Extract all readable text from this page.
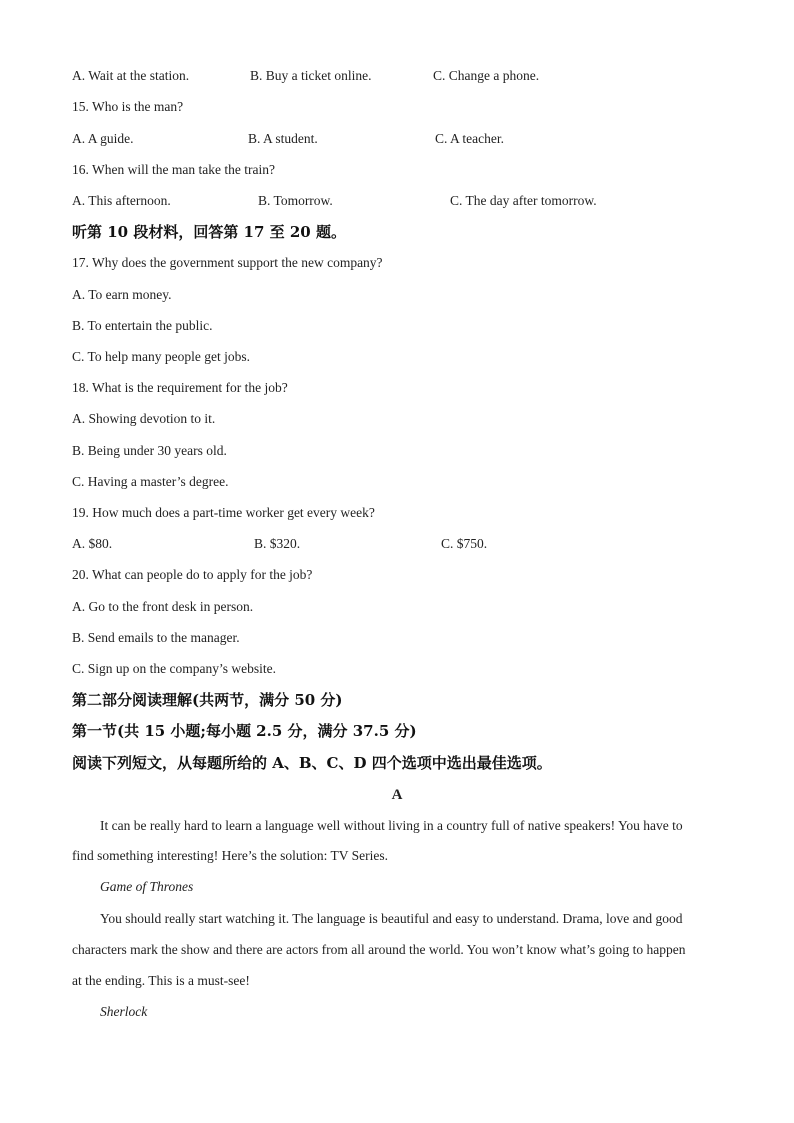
A. Wait at the station.	B. Buy a ticket online.	C. Change a phone.
15. Who is the man?
A. A guide.	B. A student.	C. A teacher.
16. When will the man take the train?
A. This afternoon.	B. Tomorrow.	C. The day after tomorrow.
听第 10 段材料，回答第 17 至 20 题。
17. Why does the government support the new company?
A. To earn money.
B. To entertain the public.
C. To help many people get jobs.
18. What is the requirement for the job?
A. Showing devotion to it.
B. Being under 30 years old.
C. Having a master’s degree.
19. How much does a part-time worker get every week?
A. $80.	B. $320.	C. $750.
20. What can people do to apply for the job?
A. Go to the front desk in person.
B. Send emails to the manager.
C. Sign up on the company’s website.
第二部分阅读理解(共两节，满分 50 分)
第一节(共 15 小题;每小题 2.5 分，满分 37.5 分)
阅读下列短文，从每题所给的 A、B、C、D 四个选项中选出最佳选项。
A
It can be really hard to learn a language well without living in a country full of native speakers! You have to
find something interesting! Here’s the solution: TV Series.
Game of Thrones
You should really start watching it. The language is beautiful and easy to understand. Drama, love and good
characters mark the show and there are actors from all around the world. You won’t know what’s going to happen
at the ending. This is a must-see!
Sherlock
